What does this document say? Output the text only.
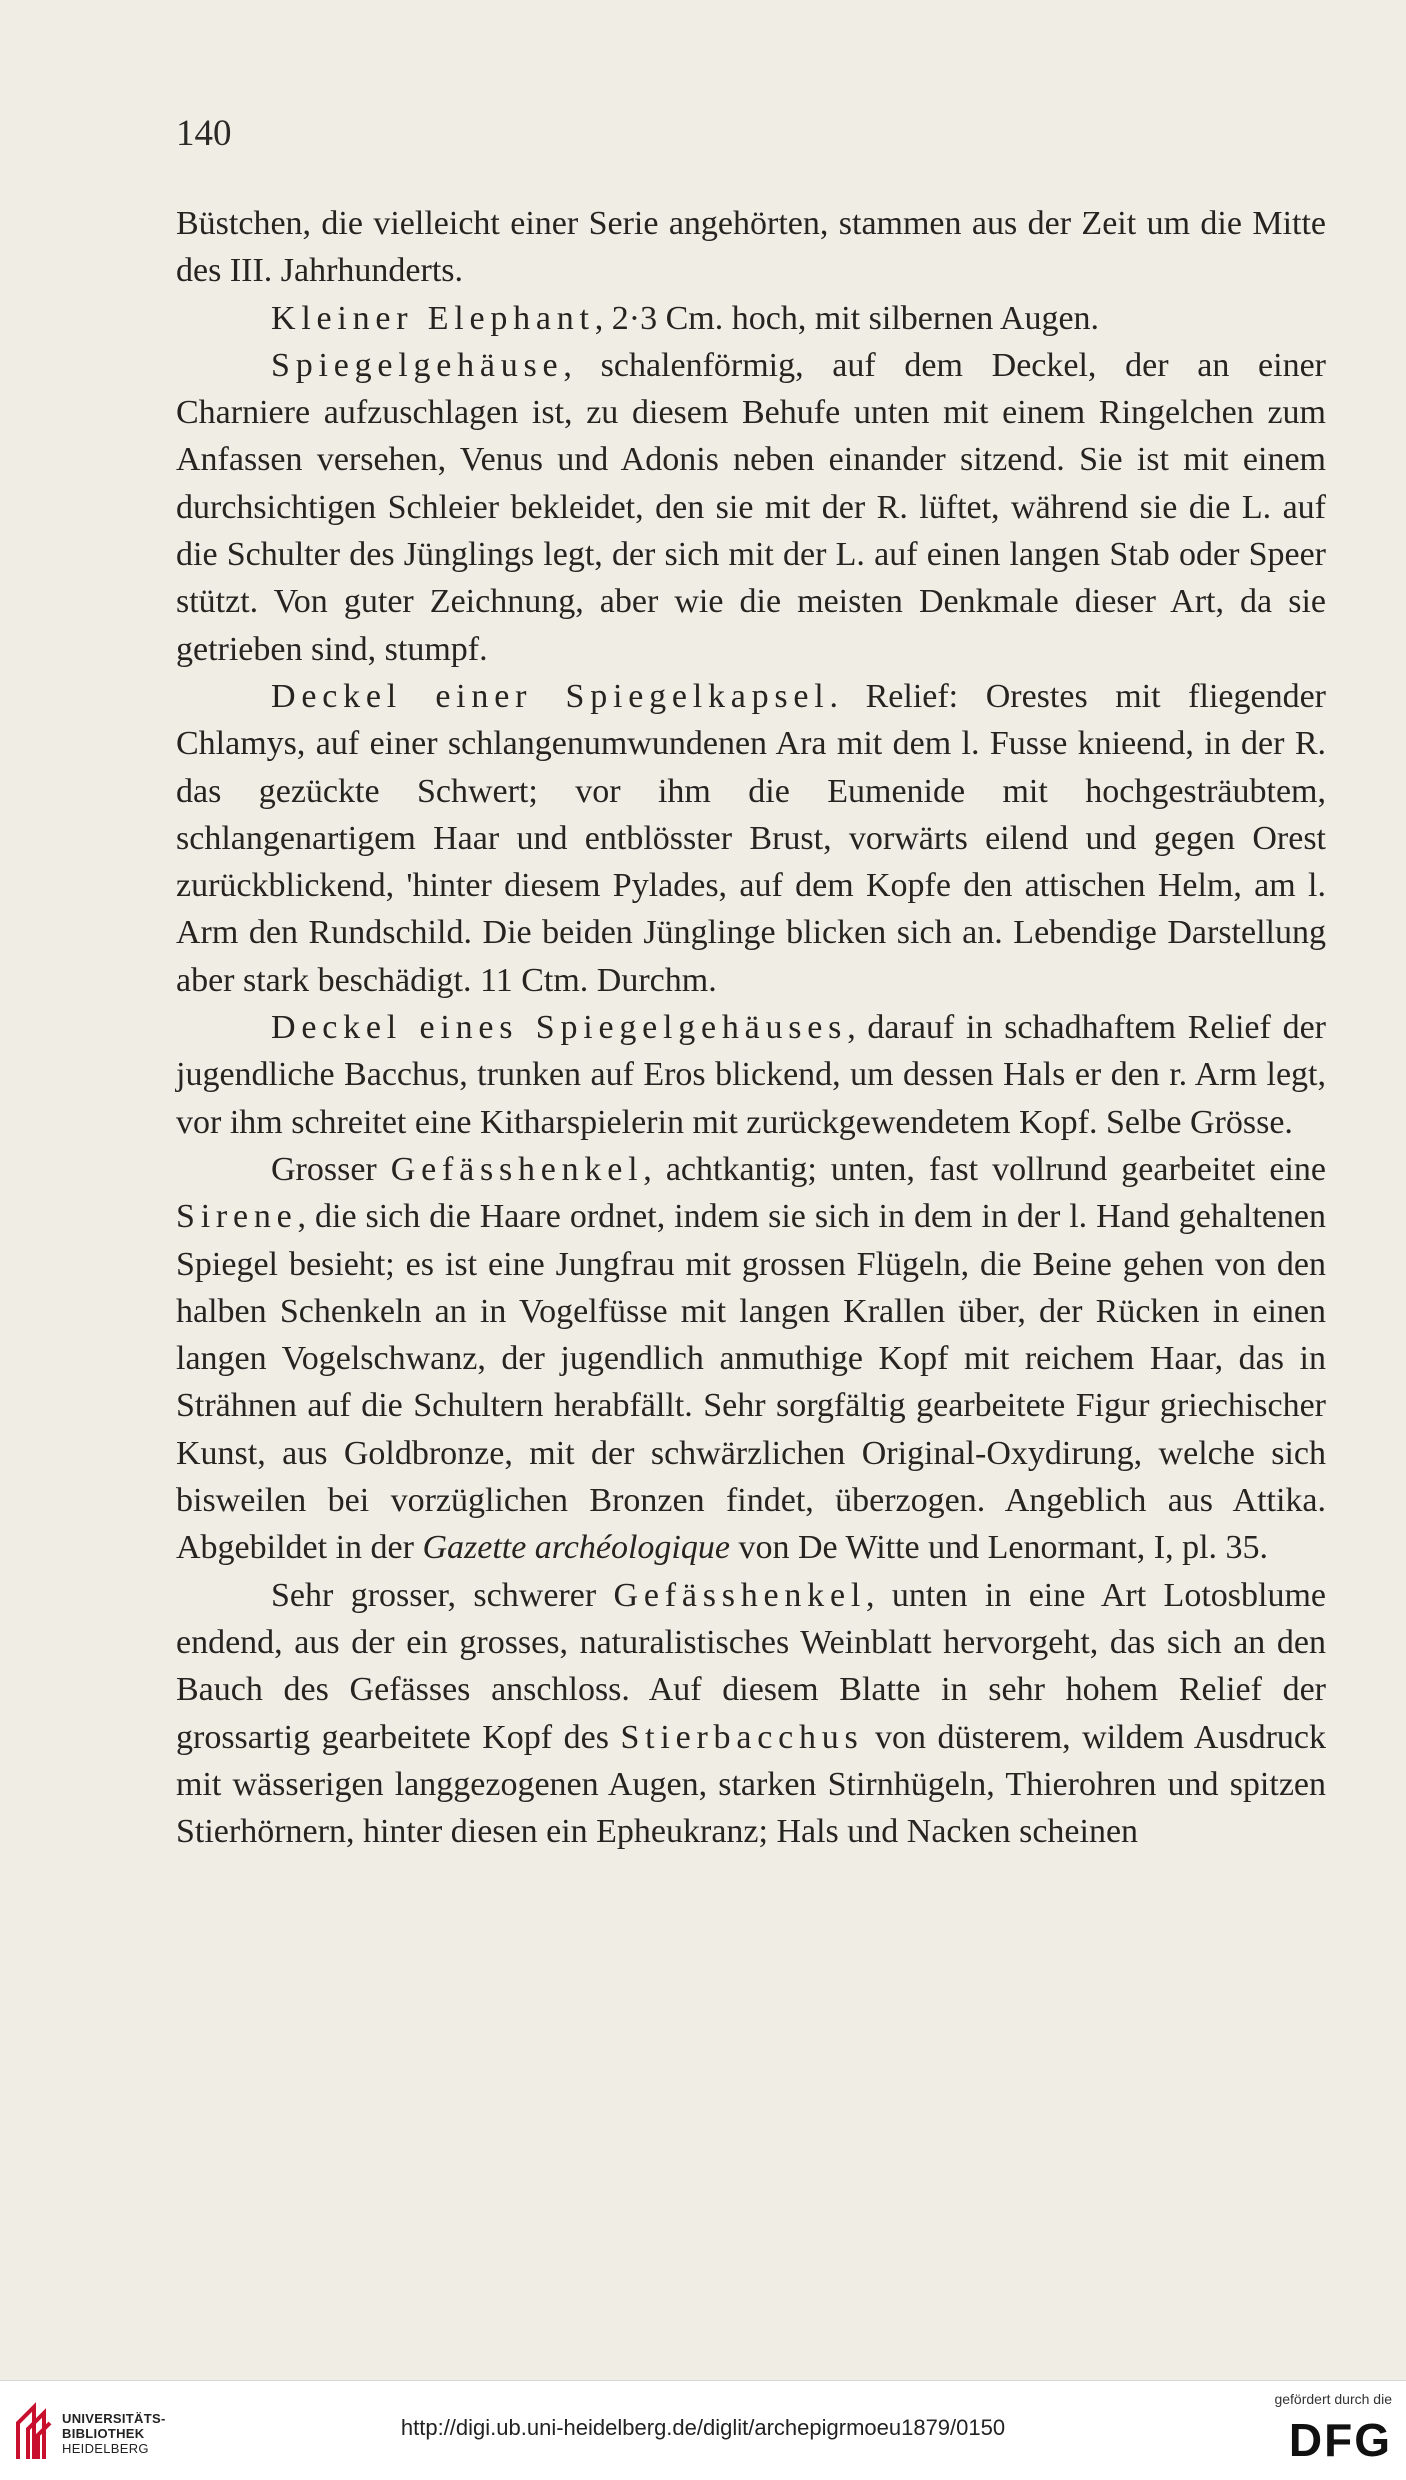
140

Büstchen, die vielleicht einer Serie angehörten, stammen aus der Zeit um die Mitte des III. Jahrhunderts.

Kleiner Elephant, 2·3 Cm. hoch, mit silbernen Augen.

Spiegelgehäuse, schalenförmig, auf dem Deckel, der an einer Charniere aufzuschlagen ist, zu diesem Behufe unten mit einem Ringelchen zum Anfassen versehen, Venus und Adonis neben einander sitzend. Sie ist mit einem durchsichtigen Schleier bekleidet, den sie mit der R. lüftet, während sie die L. auf die Schulter des Jünglings legt, der sich mit der L. auf einen langen Stab oder Speer stützt. Von guter Zeichnung, aber wie die meisten Denkmale dieser Art, da sie getrieben sind, stumpf.

Deckel einer Spiegelkapsel. Relief: Orestes mit fliegender Chlamys, auf einer schlangenumwundenen Ara mit dem l. Fusse knieend, in der R. das gezückte Schwert; vor ihm die Eumenide mit hochgesträubtem, schlangenartigem Haar und entblösster Brust, vorwärts eilend und gegen Orest zurückblickend, 'hinter diesem Pylades, auf dem Kopfe den attischen Helm, am l. Arm den Rundschild. Die beiden Jünglinge blicken sich an. Lebendige Darstellung aber stark beschädigt. 11 Ctm. Durchm.

Deckel eines Spiegelgehäuses, darauf in schadhaftem Relief der jugendliche Bacchus, trunken auf Eros blickend, um dessen Hals er den r. Arm legt, vor ihm schreitet eine Kitharspielerin mit zurückgewendetem Kopf. Selbe Grösse.

Grosser Gefässhenkel, achtkantig; unten, fast vollrund gearbeitet eine Sirene, die sich die Haare ordnet, indem sie sich in dem in der l. Hand gehaltenen Spiegel besieht; es ist eine Jungfrau mit grossen Flügeln, die Beine gehen von den halben Schenkeln an in Vogelfüsse mit langen Krallen über, der Rücken in einen langen Vogelschwanz, der jugendlich anmuthige Kopf mit reichem Haar, das in Strähnen auf die Schultern herabfällt. Sehr sorgfältig gearbeitete Figur griechischer Kunst, aus Goldbronze, mit der schwärzlichen Original-Oxydirung, welche sich bisweilen bei vorzüglichen Bronzen findet, überzogen. Angeblich aus Attika. Abgebildet in der Gazette archéologique von De Witte und Lenormant, I, pl. 35.

Sehr grosser, schwerer Gefässhenkel, unten in eine Art Lotosblume endend, aus der ein grosses, naturalistisches Weinblatt hervorgeht, das sich an den Bauch des Gefässes anschloss. Auf diesem Blatte in sehr hohem Relief der grossartig gearbeitete Kopf des Stierbacchus von düsterem, wildem Ausdruck mit wässerigen langgezogenen Augen, starken Stirnhügeln, Thierohren und spitzen Stierhörnern, hinter diesen ein Epheukranz; Hals und Nacken scheinen

UNIVERSITÄTS-
BIBLIOTHEK
HEIDELBERG
http://digi.ub.uni-heidelberg.de/diglit/archepigrmoeu1879/0150
gefördert durch die
DFG
